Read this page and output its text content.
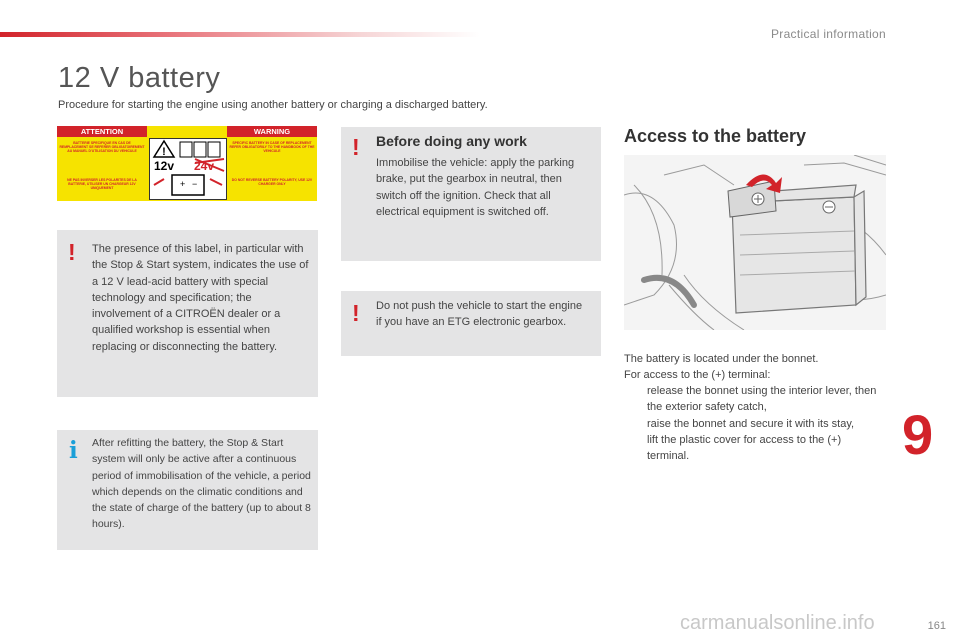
Practical information
12 V battery
Procedure for starting the engine using another battery or charging a discharged battery.
ATTENTION	WARNING
BATTERIE SPECIFIQUE EN CAS DE REMPLACEMENT SE REFERER OBLIGATOIREMENT AU MANUEL D'UTILISATION DU VEHICULE
NE PAS INVERSER LES POLARITES DE LA BATTERIE, UTILISER UN CHARGEUR 12V UNIQUEMENT
SPECIFIC BATTERY IN CASE OF REPLACEMENT REFER OBLIGATORILY TO THE HANDBOOK OF THE VEHICULE
DO NOT REVERSE BATTERY POLARITY, USE 12V CHARGER ONLY
!
+ −
12v 24v
! The presence of this label, in particular with the Stop & Start system, indicates the use of a 12 V lead-acid battery with special technology and specification; the involvement of a CITROËN dealer or a qualified workshop is essential when replacing or disconnecting the battery.

i After refitting the battery, the Stop & Start system will only be active after a continuous period of immobilisation of the vehicle, a period which depends on the climatic conditions and the state of charge of the battery (up to about 8 hours).

! Before doing any work

Immobilise the vehicle: apply the parking brake, put the gearbox in neutral, then switch off the ignition. Check that all electrical equipment is switched off.

! Do not push the vehicle to start the engine if you have an ETG electronic gearbox.

Access to the battery

The battery is located under the bonnet.

For access to the (+) terminal:

release the bonnet using the interior lever, then the exterior safety catch,

raise the bonnet and secure it with its stay,

lift the plastic cover for access to the (+) terminal.	9
carmanualsonline.info	161
